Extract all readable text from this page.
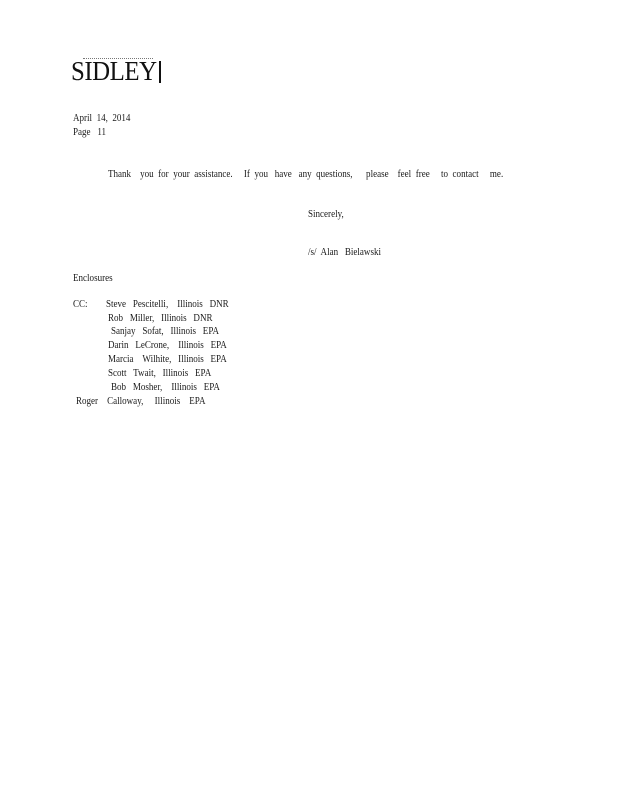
SIDLEY
April  14,  2014
Page   11
Thank    you  for  your  assistance.     If  you   have   any  questions,      please    feel  free     to  contact     me.
Sincerely,
/s/  Alan   Bielawski
Enclosures
CC: Steve   Pescitelli,    Illinois   DNR
Rob   Miller,   Illinois   DNR
Sanjay   Sofat,   Illinois   EPA
Darin   LeCrone,    Illinois   EPA
Marcia    Wilhite,   Illinois   EPA
Scott   Twait,   Illinois   EPA
Bob   Mosher,    Illinois   EPA
Roger    Calloway,     Illinois    EPA
